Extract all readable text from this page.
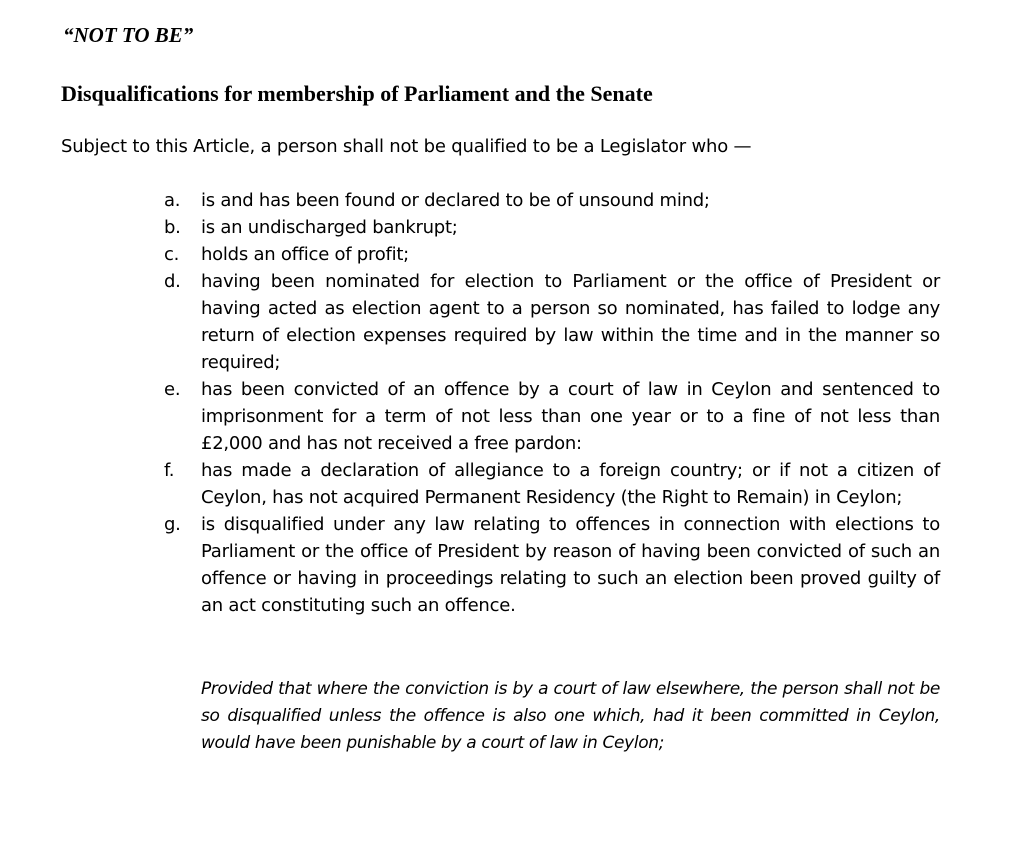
“NOT TO BE”
Disqualifications for membership of Parliament and the Senate
Subject to this Article, a person shall not be qualified to be a Legislator who —
a.	is and has been found or declared to be of unsound mind;
b.	is an undischarged bankrupt;
c.	holds an office of profit;
d.	having been nominated for election to Parliament or the office of President or having acted as election agent to a person so nominated, has failed to lodge any return of election expenses required by law within the time and in the manner so required;
e.	has been convicted of an offence by a court of law in Ceylon and sentenced to imprisonment for a term of not less than one year or to a fine of not less than £2,000 and has not received a free pardon:
f.	has made a declaration of allegiance to a foreign country; or if not a citizen of Ceylon, has not acquired Permanent Residency (the Right to Remain) in Ceylon;
g.	is disqualified under any law relating to offences in connection with elections to Parliament or the office of President by reason of having been convicted of such an offence or having in proceedings relating to such an election been proved guilty of an act constituting such an offence.

Provided that where the conviction is by a court of law elsewhere, the person shall not be so disqualified unless the offence is also one which, had it been committed in Ceylon, would have been punishable by a court of law in Ceylon;
